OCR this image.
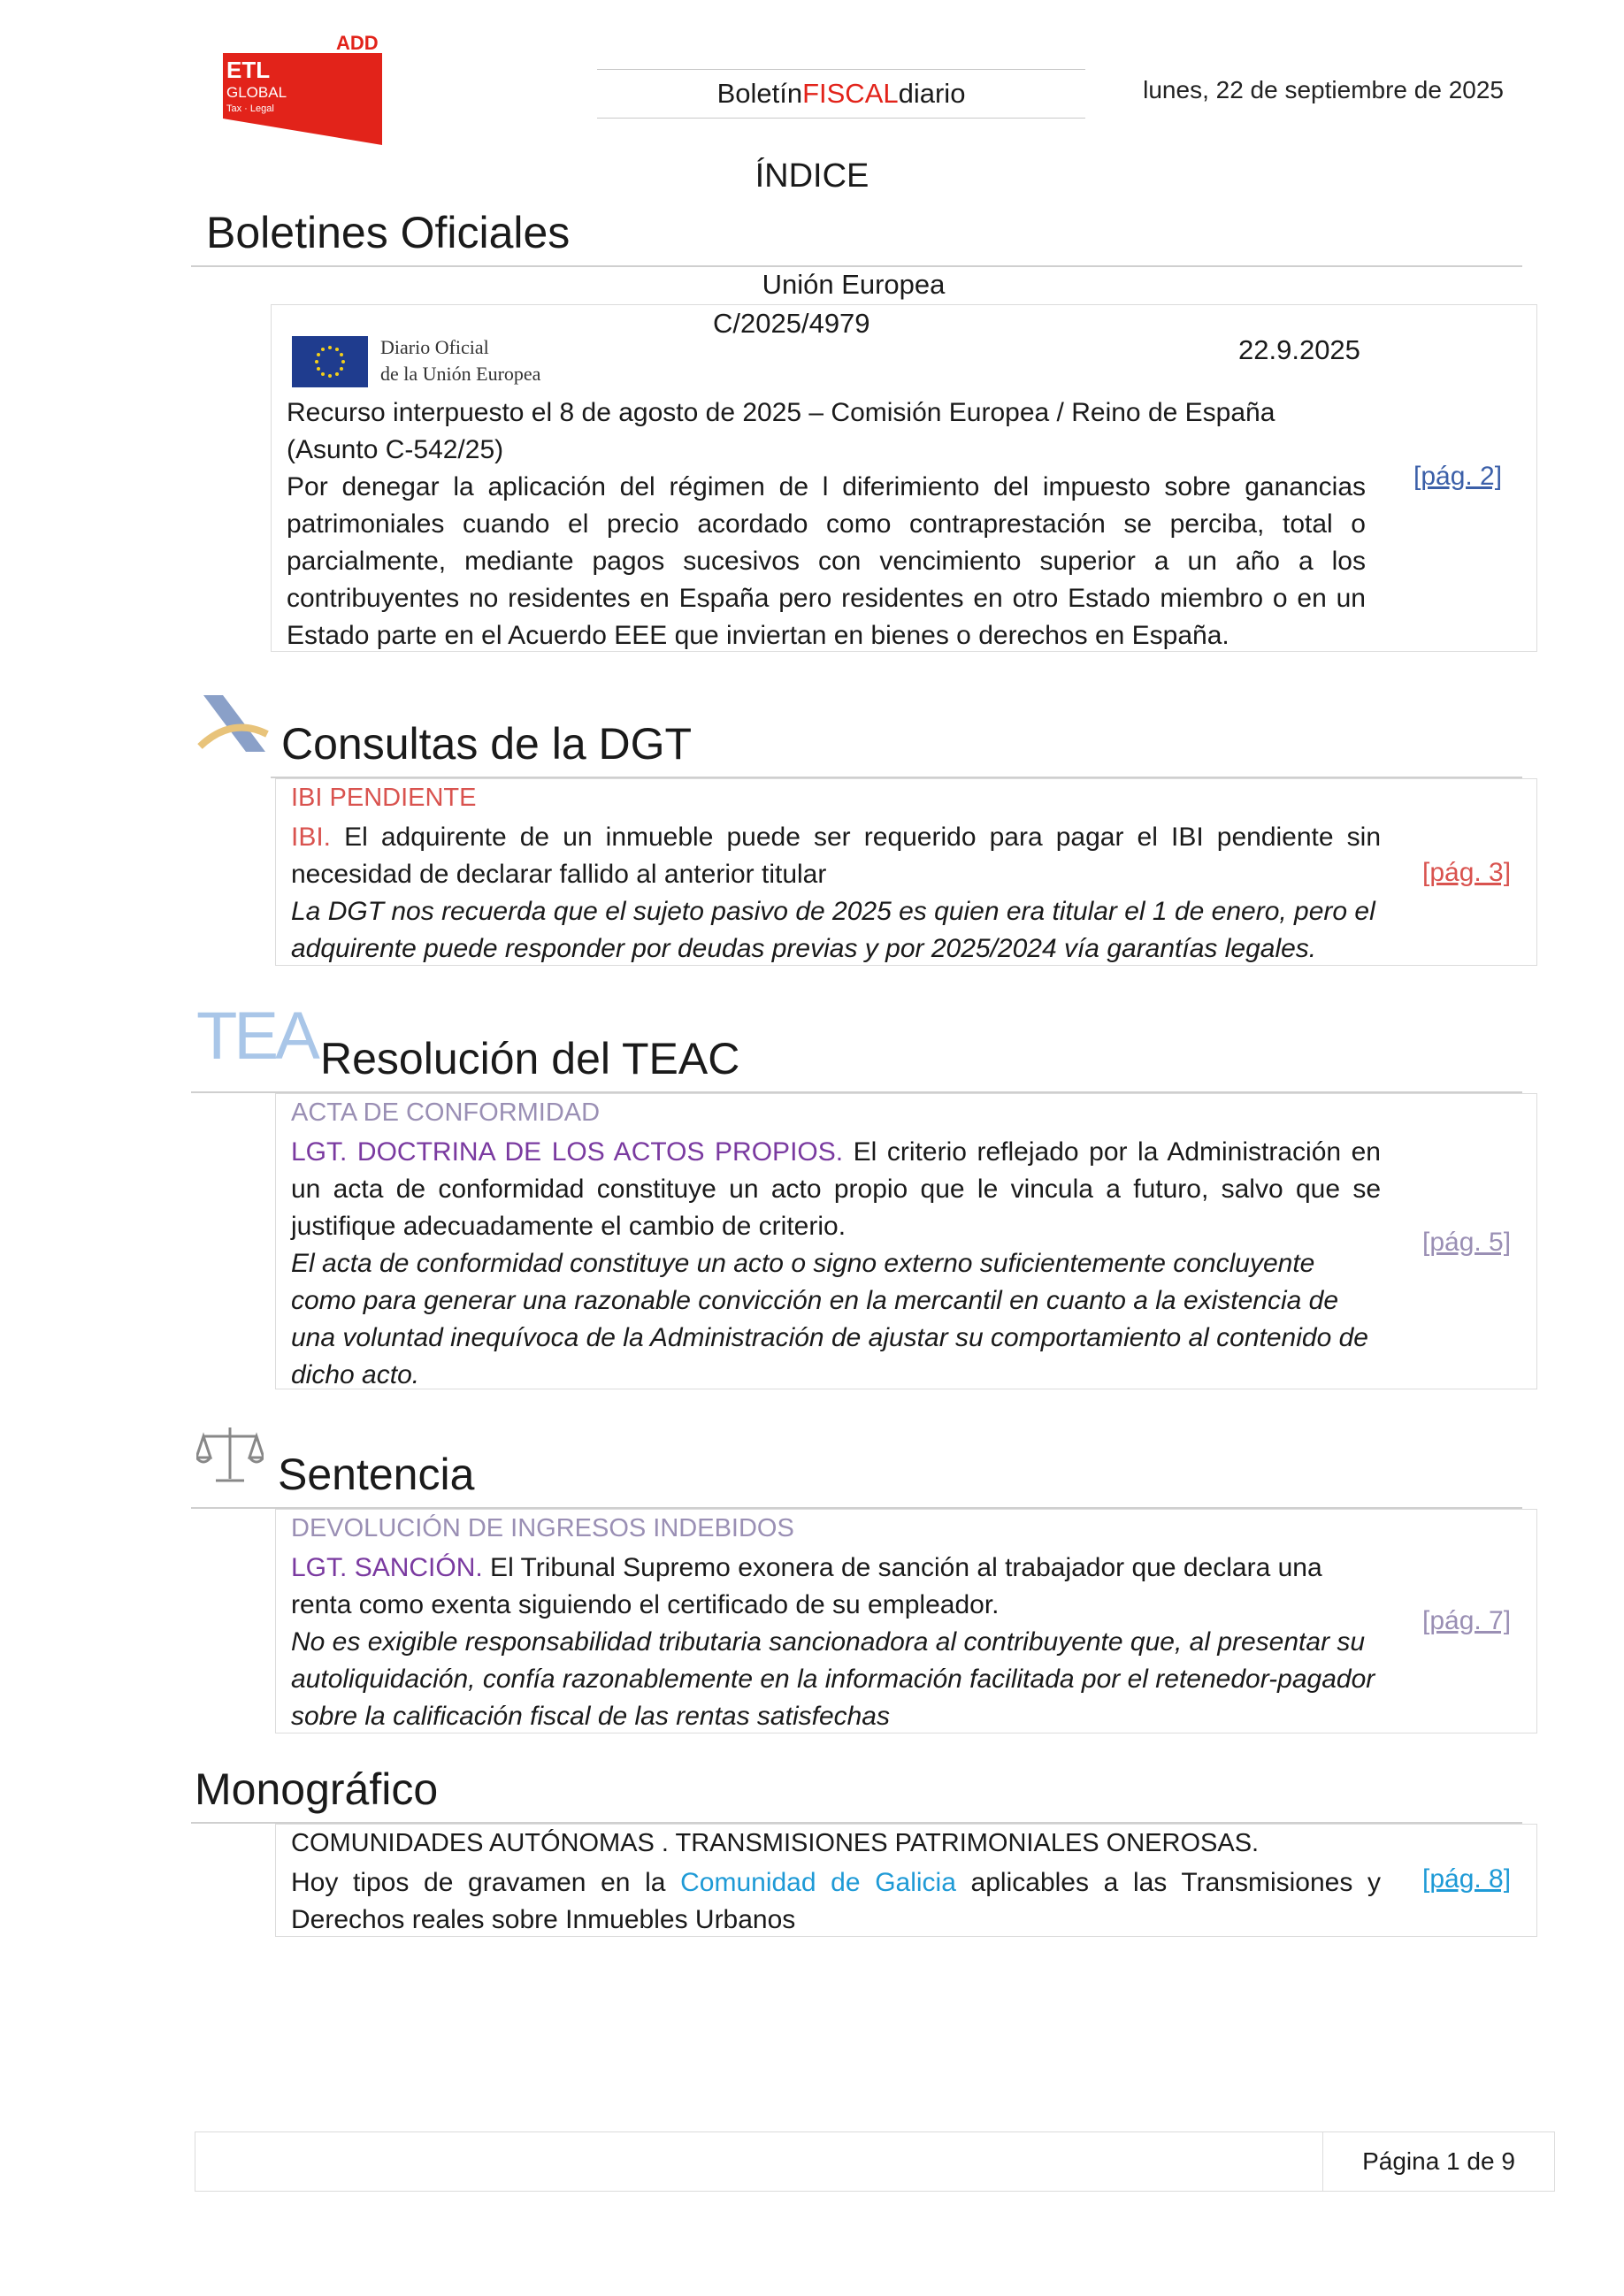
ADD
ETL
GLOBAL
Tax · Legal	Boletín FISCAL diario	lunes, 22 de septiembre de 2025
ÍNDICE
Boletines Oficiales
Unión Europea
C/2025/4979
Diario Oficial
de la Unión Europea
22.9.2025
Recurso interpuesto el 8 de agosto de 2025 – Comisión Europea / Reino de España (Asunto C-542/25)
Por denegar la aplicación del régimen de l diferimiento del impuesto sobre ganancias patrimoniales cuando el precio acordado como contraprestación se perciba, total o parcialmente, mediante pagos sucesivos con vencimiento superior a un año a los contribuyentes no residentes en España pero residentes en otro Estado miembro o en un Estado parte en el Acuerdo EEE que inviertan en bienes o derechos en España.
[pág. 2]
Consultas de la DGT
IBI PENDIENTE
IBI. El adquirente de un inmueble puede ser requerido para pagar el IBI pendiente sin necesidad de declarar fallido al anterior titular
La DGT nos recuerda que el sujeto pasivo de 2025 es quien era titular el 1 de enero, pero el adquirente puede responder por deudas previas y por 2025/2024 vía garantías legales.
[pág. 3]
TEA Resolución del TEAC
ACTA DE CONFORMIDAD
LGT. DOCTRINA DE LOS ACTOS PROPIOS. El criterio reflejado por la Administración en un acta de conformidad constituye un acto propio que le vincula a futuro, salvo que se justifique adecuadamente el cambio de criterio.
El acta de conformidad constituye un acto o signo externo suficientemente concluyente como para generar una razonable convicción en la mercantil en cuanto a la existencia de una voluntad inequívoca de la Administración de ajustar su comportamiento al contenido de dicho acto.
[pág. 5]
Sentencia
DEVOLUCIÓN DE INGRESOS INDEBIDOS
LGT. SANCIÓN. El Tribunal Supremo exonera de sanción al trabajador que declara una renta como exenta siguiendo el certificado de su empleador.
No es exigible responsabilidad tributaria sancionadora al contribuyente que, al presentar su autoliquidación, confía razonablemente en la información facilitada por el retenedor-pagador sobre la calificación fiscal de las rentas satisfechas
[pág. 7]
Monográfico
COMUNIDADES AUTÓNOMAS . TRANSMISIONES PATRIMONIALES ONEROSAS.
Hoy tipos de gravamen en la Comunidad de Galicia aplicables a las Transmisiones y Derechos reales sobre Inmuebles Urbanos
[pág. 8]
Página 1 de 9
